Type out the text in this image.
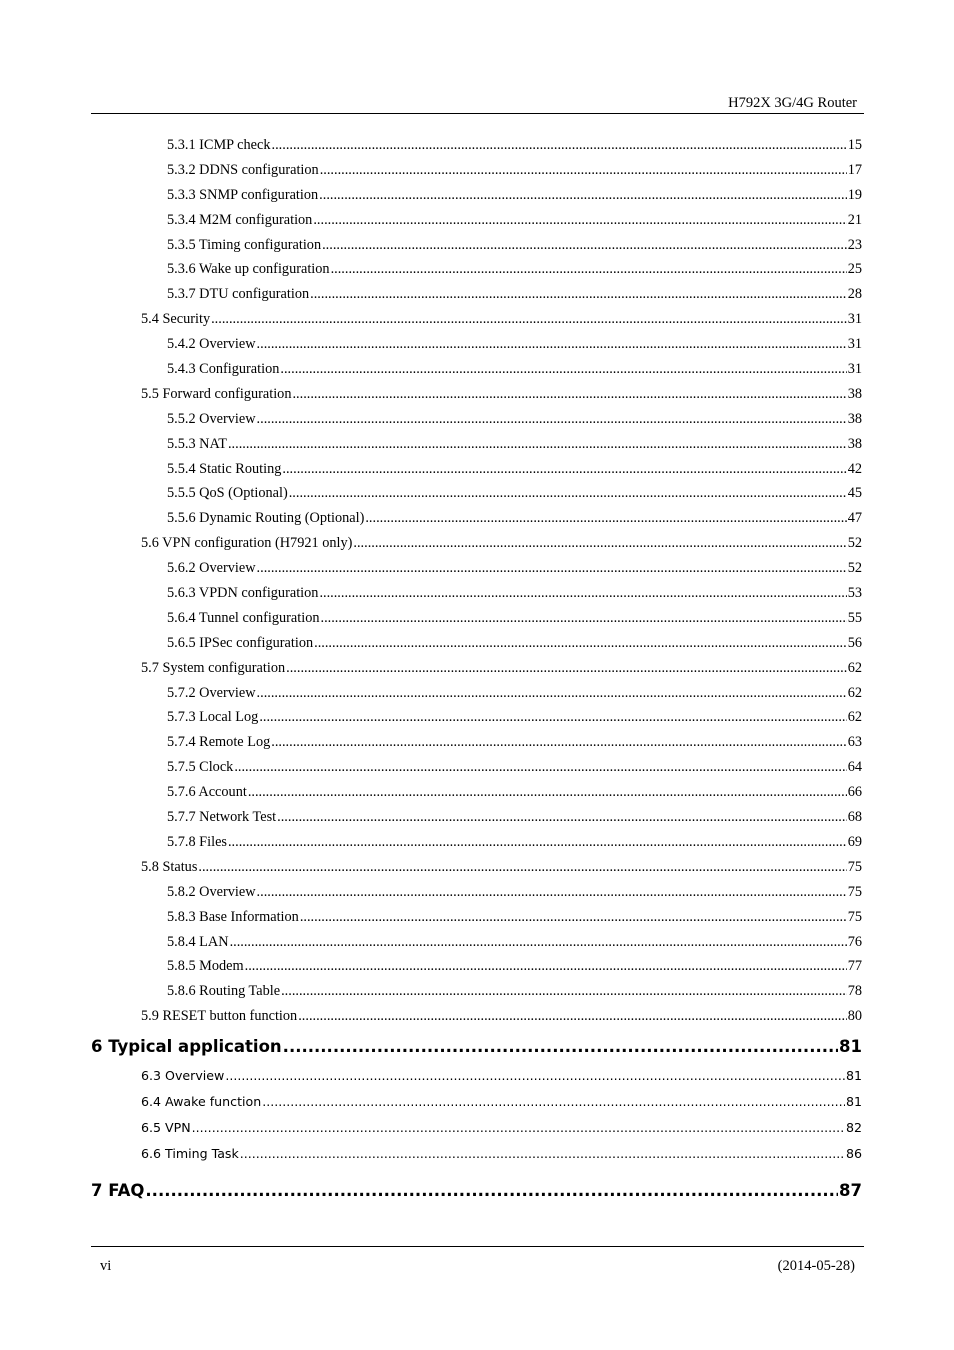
H792X 3G/4G Router
5.3.1 ICMP check .....	15
5.3.2 DDNS configuration .....	17
5.3.3 SNMP configuration .....	19
5.3.4 M2M configuration .....	21
5.3.5 Timing configuration .....	23
5.3.6 Wake up configuration .....	25
5.3.7 DTU configuration .....	28
5.4 Security .....	31
5.4.2 Overview .....	31
5.4.3 Configuration .....	31
5.5 Forward configuration .....	38
5.5.2 Overview .....	38
5.5.3 NAT .....	38
5.5.4 Static Routing .....	42
5.5.5 QoS (Optional) .....	45
5.5.6 Dynamic Routing (Optional) .....	47
5.6 VPN configuration (H7921 only) .....	52
5.6.2 Overview .....	52
5.6.3 VPDN configuration .....	53
5.6.4 Tunnel configuration .....	55
5.6.5 IPSec configuration .....	56
5.7 System configuration .....	62
5.7.2 Overview .....	62
5.7.3 Local Log .....	62
5.7.4 Remote Log .....	63
5.7.5 Clock .....	64
5.7.6 Account .....	66
5.7.7 Network Test .....	68
5.7.8 Files .....	69
5.8 Status .....	75
5.8.2 Overview .....	75
5.8.3 Base Information .....	75
5.8.4 LAN .....	76
5.8.5 Modem .....	77
5.8.6 Routing Table .....	78
5.9 RESET button function .....	80
6 Typical application .....	81
6.3 Overview .....	81
6.4 Awake function .....	81
6.5 VPN .....	82
6.6 Timing Task .....	86
7 FAQ .....	87
vi	(2014-05-28)
